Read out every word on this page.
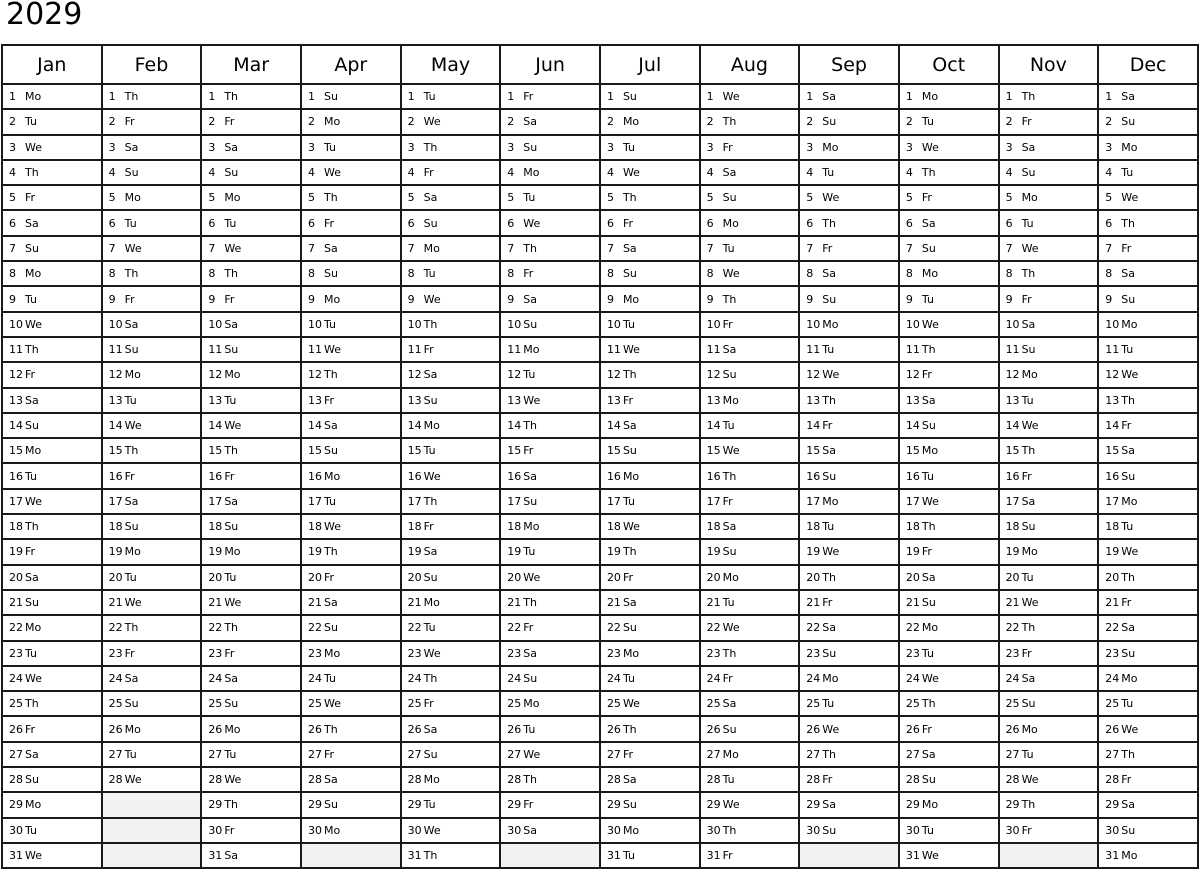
2029
Jan	Feb	Mar	Apr	May	Jun	Jul	Aug	Sep	Oct	Nov	Dec
1 Mo	1 Th	1 Th	1 Su	1 Tu	1 Fr	1 Su	1 We	1 Sa	1 Mo	1 Th	1 Sa
2 Tu	2 Fr	2 Fr	2 Mo	2 We	2 Sa	2 Mo	2 Th	2 Su	2 Tu	2 Fr	2 Su
3 We	3 Sa	3 Sa	3 Tu	3 Th	3 Su	3 Tu	3 Fr	3 Mo	3 We	3 Sa	3 Mo
4 Th	4 Su	4 Su	4 We	4 Fr	4 Mo	4 We	4 Sa	4 Tu	4 Th	4 Su	4 Tu
5 Fr	5 Mo	5 Mo	5 Th	5 Sa	5 Tu	5 Th	5 Su	5 We	5 Fr	5 Mo	5 We
6 Sa	6 Tu	6 Tu	6 Fr	6 Su	6 We	6 Fr	6 Mo	6 Th	6 Sa	6 Tu	6 Th
7 Su	7 We	7 We	7 Sa	7 Mo	7 Th	7 Sa	7 Tu	7 Fr	7 Su	7 We	7 Fr
8 Mo	8 Th	8 Th	8 Su	8 Tu	8 Fr	8 Su	8 We	8 Sa	8 Mo	8 Th	8 Sa
9 Tu	9 Fr	9 Fr	9 Mo	9 We	9 Sa	9 Mo	9 Th	9 Su	9 Tu	9 Fr	9 Su
10 We	10 Sa	10 Sa	10 Tu	10 Th	10 Su	10 Tu	10 Fr	10 Mo	10 We	10 Sa	10 Mo
11 Th	11 Su	11 Su	11 We	11 Fr	11 Mo	11 We	11 Sa	11 Tu	11 Th	11 Su	11 Tu
12 Fr	12 Mo	12 Mo	12 Th	12 Sa	12 Tu	12 Th	12 Su	12 We	12 Fr	12 Mo	12 We
13 Sa	13 Tu	13 Tu	13 Fr	13 Su	13 We	13 Fr	13 Mo	13 Th	13 Sa	13 Tu	13 Th
14 Su	14 We	14 We	14 Sa	14 Mo	14 Th	14 Sa	14 Tu	14 Fr	14 Su	14 We	14 Fr
15 Mo	15 Th	15 Th	15 Su	15 Tu	15 Fr	15 Su	15 We	15 Sa	15 Mo	15 Th	15 Sa
16 Tu	16 Fr	16 Fr	16 Mo	16 We	16 Sa	16 Mo	16 Th	16 Su	16 Tu	16 Fr	16 Su
17 We	17 Sa	17 Sa	17 Tu	17 Th	17 Su	17 Tu	17 Fr	17 Mo	17 We	17 Sa	17 Mo
18 Th	18 Su	18 Su	18 We	18 Fr	18 Mo	18 We	18 Sa	18 Tu	18 Th	18 Su	18 Tu
19 Fr	19 Mo	19 Mo	19 Th	19 Sa	19 Tu	19 Th	19 Su	19 We	19 Fr	19 Mo	19 We
20 Sa	20 Tu	20 Tu	20 Fr	20 Su	20 We	20 Fr	20 Mo	20 Th	20 Sa	20 Tu	20 Th
21 Su	21 We	21 We	21 Sa	21 Mo	21 Th	21 Sa	21 Tu	21 Fr	21 Su	21 We	21 Fr
22 Mo	22 Th	22 Th	22 Su	22 Tu	22 Fr	22 Su	22 We	22 Sa	22 Mo	22 Th	22 Sa
23 Tu	23 Fr	23 Fr	23 Mo	23 We	23 Sa	23 Mo	23 Th	23 Su	23 Tu	23 Fr	23 Su
24 We	24 Sa	24 Sa	24 Tu	24 Th	24 Su	24 Tu	24 Fr	24 Mo	24 We	24 Sa	24 Mo
25 Th	25 Su	25 Su	25 We	25 Fr	25 Mo	25 We	25 Sa	25 Tu	25 Th	25 Su	25 Tu
26 Fr	26 Mo	26 Mo	26 Th	26 Sa	26 Tu	26 Th	26 Su	26 We	26 Fr	26 Mo	26 We
27 Sa	27 Tu	27 Tu	27 Fr	27 Su	27 We	27 Fr	27 Mo	27 Th	27 Sa	27 Tu	27 Th
28 Su	28 We	28 We	28 Sa	28 Mo	28 Th	28 Sa	28 Tu	28 Fr	28 Su	28 We	28 Fr
29 Mo		29 Th	29 Su	29 Tu	29 Fr	29 Su	29 We	29 Sa	29 Mo	29 Th	29 Sa
30 Tu		30 Fr	30 Mo	30 We	30 Sa	30 Mo	30 Th	30 Su	30 Tu	30 Fr	30 Su
31 We		31 Sa		31 Th		31 Tu	31 Fr		31 We		31 Mo
